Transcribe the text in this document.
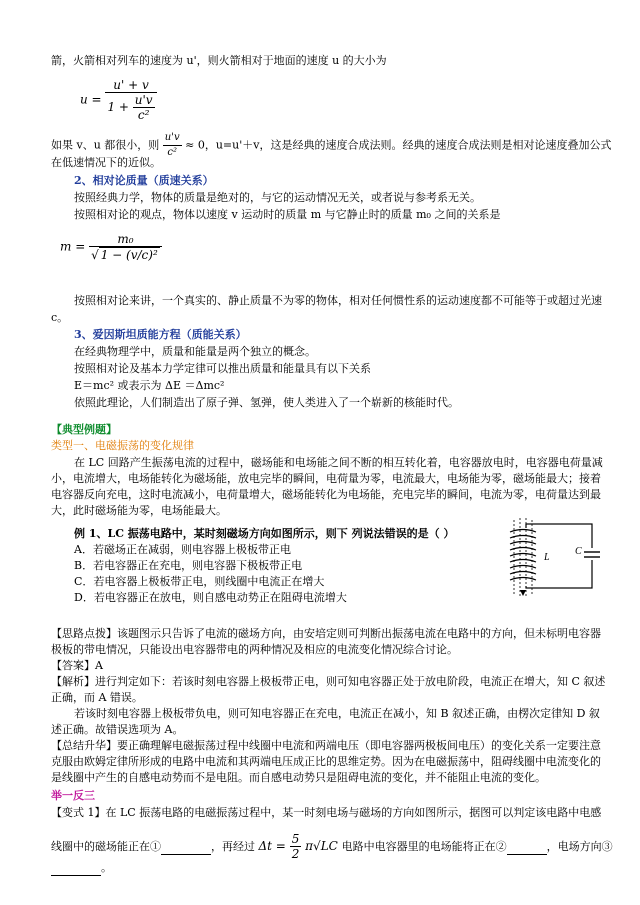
箭，火箭相对列车的速度为 u'，则火箭相对于地面的速度 u 的大小为
$u = \frac{u' + v}{1 + \frac{u'v}{\text{c²}}}$
如果 v、u 都很小，则 $\frac{u'v}{\text{c²}} \approx 0$，u=u'＋v，这是经典的速度合成法则。经典的速度合成法则是相对论速度叠加公式
在低速情况下的近似。
2、相对论质量（质速关系）
按照经典力学，物体的质量是绝对的，与它的运动情况无关，或者说与参考系无关。
按照相对论的观点，物体以速度 v 运动时的质量 m 与它静止时的质量 m₀ 之间的关系是
$m = \frac{\text{m₀}}{\text{√ 1 − (v/c)²}}$
按照相对论来讲，一个真实的、静止质量不为零的物体，相对任何惯性系的运动速度都不可能等于或超过光速
c。
3、爱因斯坦质能方程（质能关系）
在经典物理学中，质量和能量是两个独立的概念。
按照相对论及基本力学定律可以推出质量和能量具有以下关系
E＝mc² 或表示为 ΔE ＝Δmc²
依照此理论，人们制造出了原子弹、氢弹，使人类进入了一个崭新的核能时代。
【典型例题】
类型一、电磁振荡的变化规律
在 LC 回路产生振荡电流的过程中，磁场能和电场能之间不断的相互转化着，电容器放电时，电容器电荷量减
小，电流增大，电场能转化为磁场能，放电完毕的瞬间，电荷量为零，电流最大，电场能为零，磁场能最大；接着
电容器反向充电，这时电流减小，电荷量增大，磁场能转化为电场能，充电完毕的瞬间，电流为零，电荷量达到最
大，此时磁场能为零，电场能最大。
例 1、LC 振荡电路中，某时刻磁场方向如图所示，则下 列说法错误的是（ ）
A．若磁场正在减弱，则电容器上极板带正电
B．若电容器正在充电，则电容器下极板带正电
C．若电容器上极板带正电，则线圈中电流正在增大
D．若电容器正在放电，则自感电动势正在阻碍电流增大
L
C
【思路点拨】该题图示只告诉了电流的磁场方向，由安培定则可判断出振荡电流在电路中的方向，但未标明电容器
极板的带电情况，只能设出电容器带电的两种情况及相应的电流变化情况综合讨论。
【答案】A
【解析】进行判定如下：若该时刻电容器上极板带正电，则可知电容器正处于放电阶段，电流正在增大，知 C 叙述
正确，而 A 错误。
若该时刻电容器上极板带负电，则可知电容器正在充电，电流正在减小，知 B 叙述正确，由楞次定律知 D 叙
述正确。故错误选项为 A。
【总结升华】要正确理解电磁振荡过程中线圈中电流和两端电压（即电容器两极板间电压）的变化关系一定要注意
克服由欧姆定律所形成的电路中电流和其两端电压成正比的思维定势。因为在电磁振荡中，阻碍线圈中电流变化的
是线圈中产生的自感电动势而不是电阻。而自感电动势只是阻碍电流的变化，并不能阻止电流的变化。
举一反三
【变式 1】在 LC 振荡电路的电磁振荡过程中，某一时刻电场与磁场的方向如图所示，据图可以判定该电路中电感
线圈中的磁场能正在①	，再经过 $\Delta t = \frac{5}{2} \pi√LC$ 电路中电容器里的电场能将正在②	，电场方向③
。
